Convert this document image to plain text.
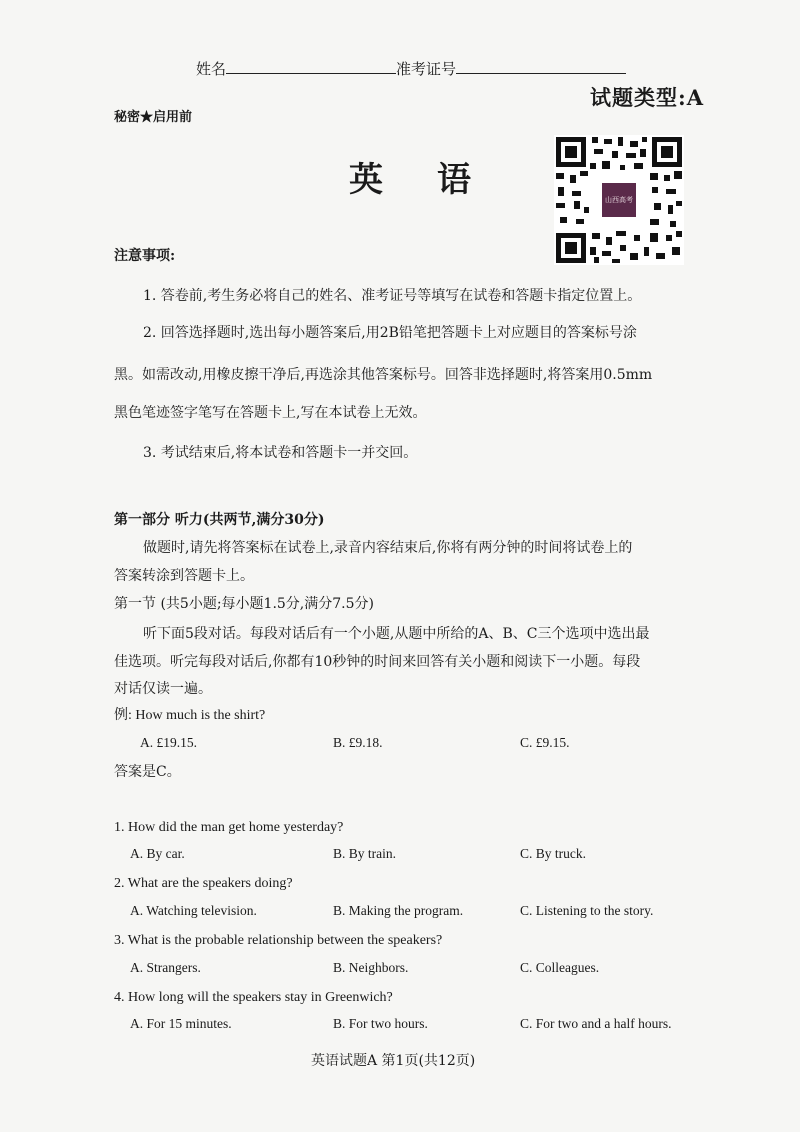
姓名	准考证号
试题类型:A
秘密★启用前
英语	山西高考
注意事项:
1. 答卷前,考生务必将自己的姓名、准考证号等填写在试卷和答题卡指定位置上。
2. 回答选择题时,选出每小题答案后,用2B铅笔把答题卡上对应题目的答案标号涂
黑。如需改动,用橡皮擦干净后,再选涂其他答案标号。回答非选择题时,将答案用0.5mm
黑色笔迹签字笔写在答题卡上,写在本试卷上无效。
3. 考试结束后,将本试卷和答题卡一并交回。
第一部分 听力(共两节,满分30分)
做题时,请先将答案标在试卷上,录音内容结束后,你将有两分钟的时间将试卷上的
答案转涂到答题卡上。
第一节 (共5小题;每小题1.5分,满分7.5分)
听下面5段对话。每段对话后有一个小题,从题中所给的A、B、C三个选项中选出最
佳选项。听完每段对话后,你都有10秒钟的时间来回答有关小题和阅读下一小题。每段
对话仅读一遍。
例: How much is the shirt?
A. £19.15.	B. £9.18.	C. £9.15.
答案是C。
1. How did the man get home yesterday?
A. By car.	B. By train.	C. By truck.
2. What are the speakers doing?
A. Watching television.	B. Making the program.	C. Listening to the story.
3. What is the probable relationship between the speakers?
A. Strangers.	B. Neighbors.	C. Colleagues.
4. How long will the speakers stay in Greenwich?
A. For 15 minutes.	B. For two hours.	C. For two and a half hours.
英语试题A 第1页(共12页)
